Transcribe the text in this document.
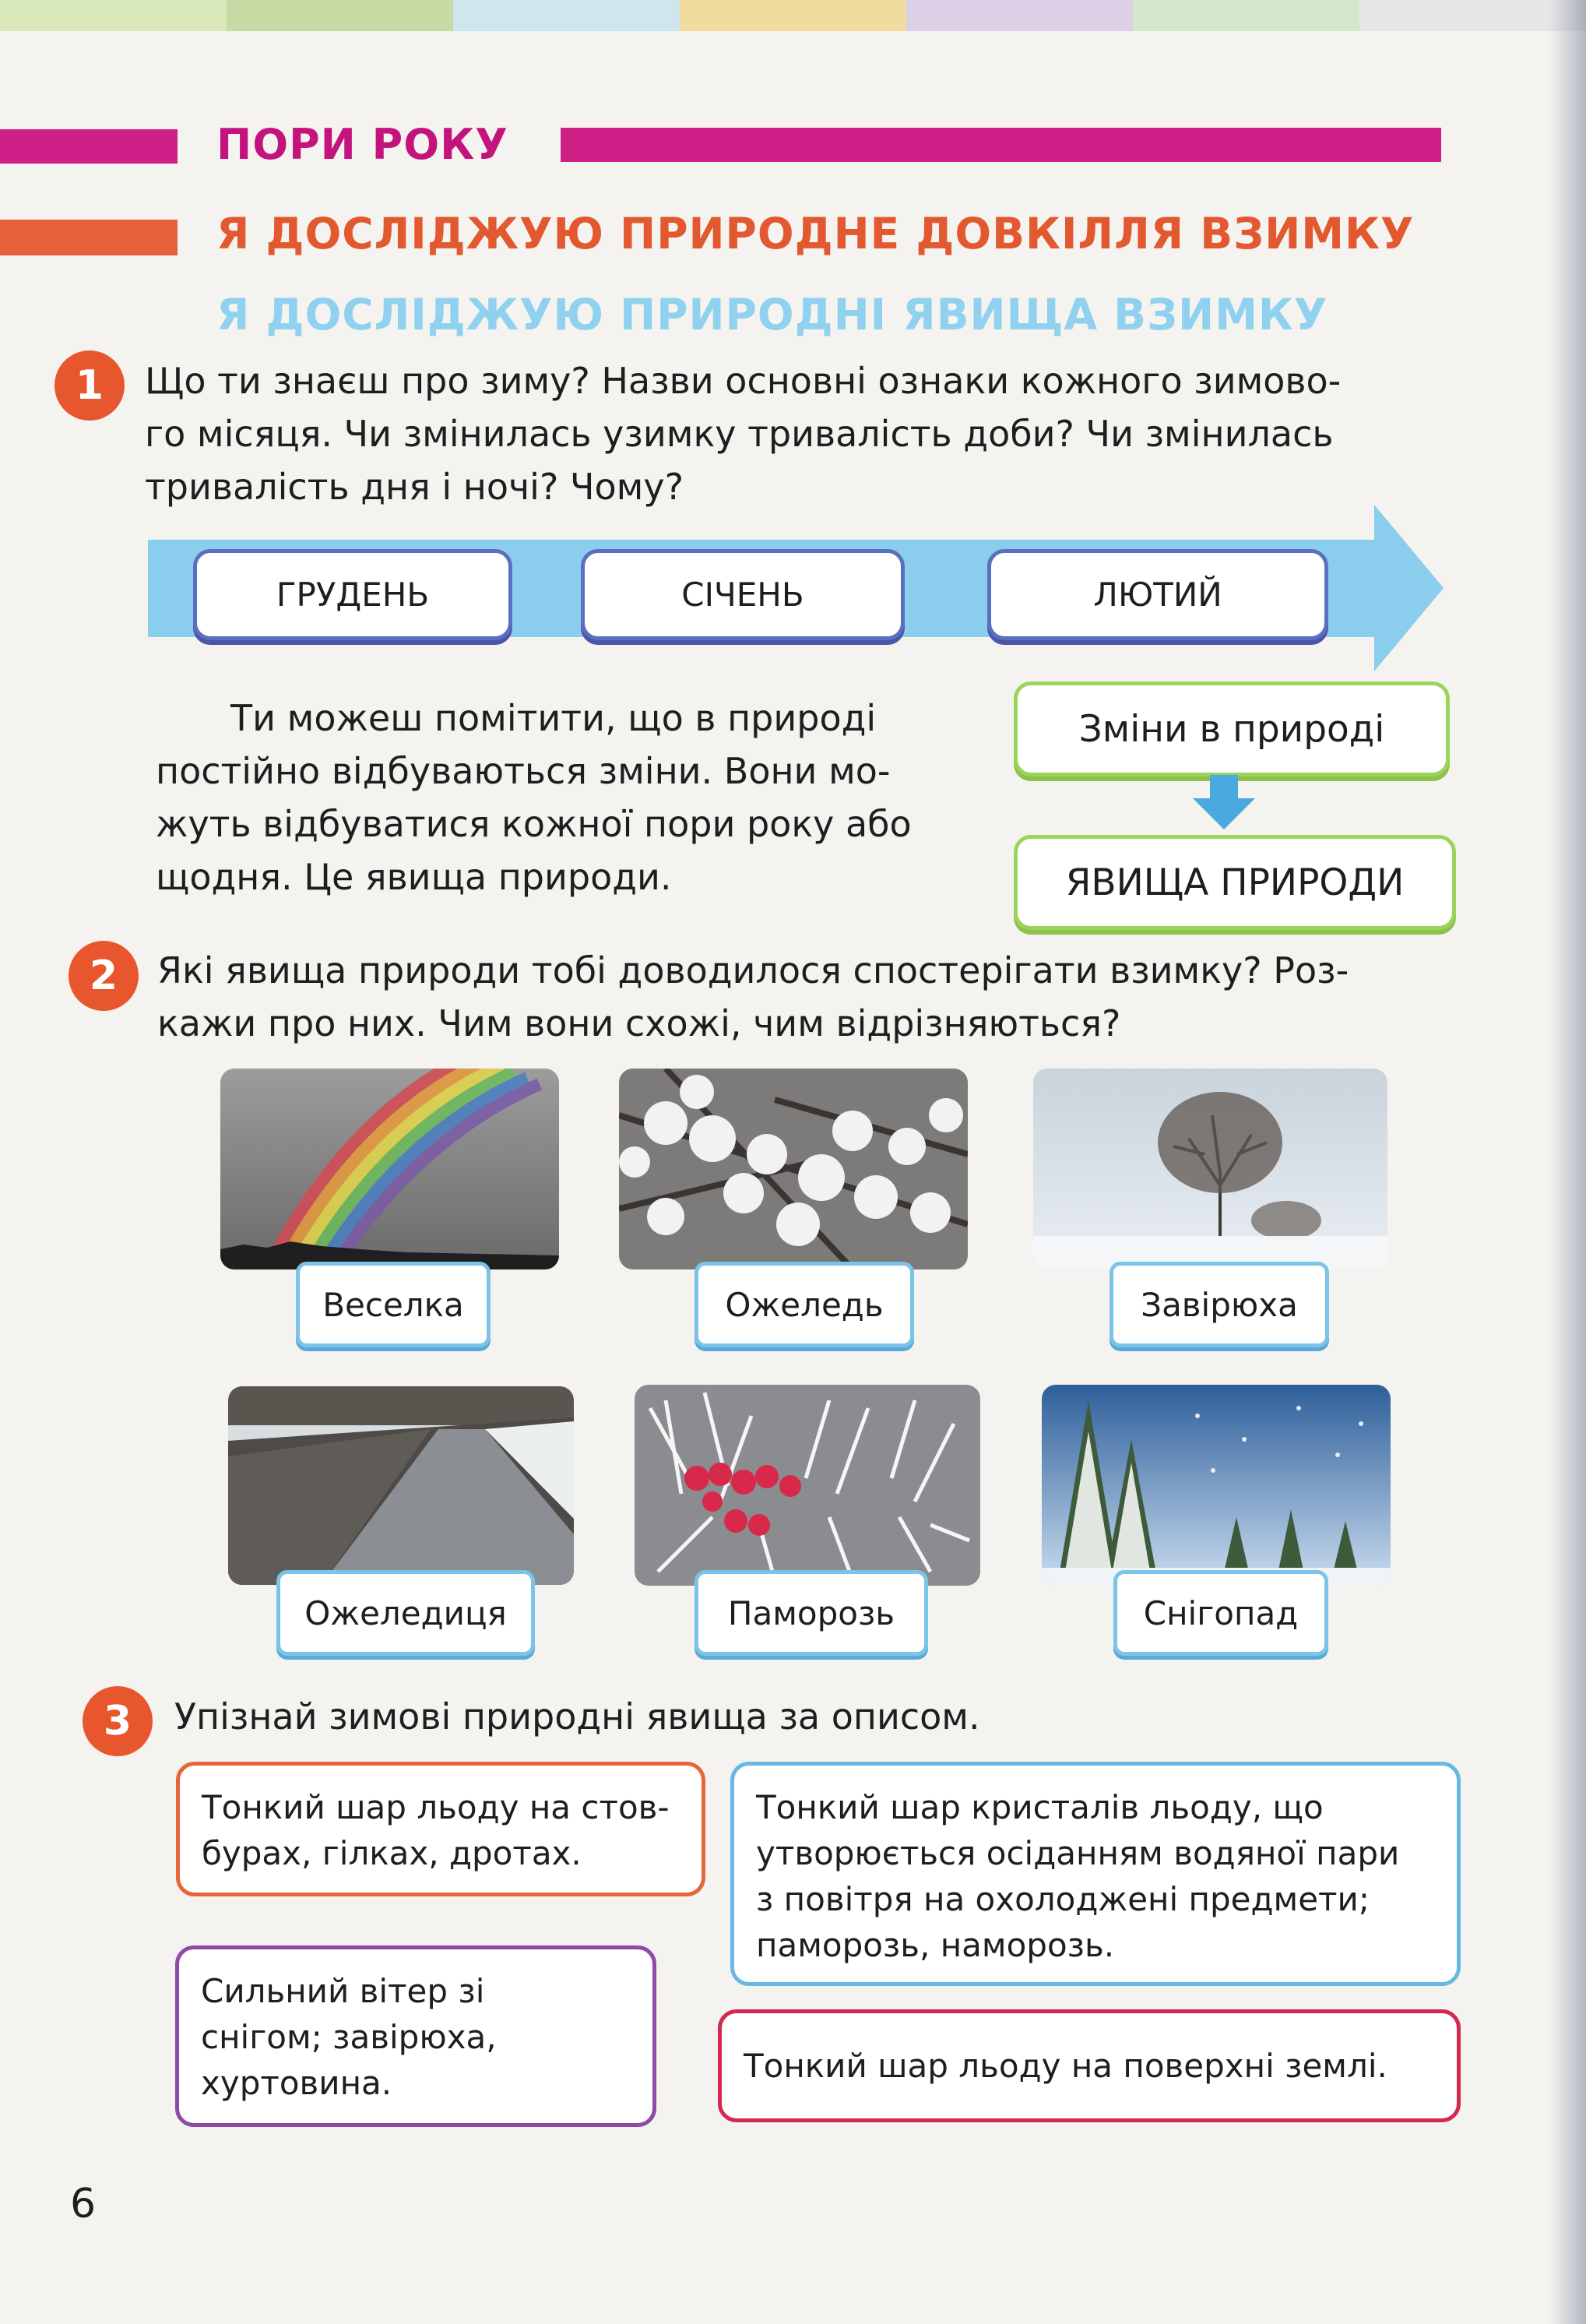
ПОРИ РОКУ
Я ДОСЛІДЖУЮ ПРИРОДНЕ ДОВКІЛЛЯ ВЗИМКУ
Я ДОСЛІДЖУЮ ПРИРОДНІ ЯВИЩА ВЗИМКУ
1	Що ти знаєш про зиму? Назви основні ознаки кожного зимово-
го місяця. Чи змінилась узимку тривалість доби? Чи змінилась
тривалість дня і ночі? Чому?
ГРУДЕНЬ	СІЧЕНЬ	ЛЮТИЙ
Ти можеш помітити, що в природі
постійно відбуваються зміни. Вони мо-
жуть відбуватися кожної пори року або
щодня. Це явища природи.
Зміни в природі
ЯВИЩА ПРИРОДИ
2	Які явища природи тобі доводилося спостерігати взимку? Роз-
кажи про них. Чим вони схожі, чим відрізняються?
Веселка	Ожеледь	Завірюха
Ожеледиця	Паморозь	Снігопад
3	Упізнай зимові природні явища за описом.
Тонкий шар льоду на стов-
бурах, гілках, дротах.
Тонкий шар кристалів льоду, що
утворюється осіданням водяної пари
з повітря на охолоджені предмети;
паморозь, наморозь.
Сильний вітер зі
снігом; завірюха,
хуртовина.	Тонкий шар льоду на поверхні землі.
6
